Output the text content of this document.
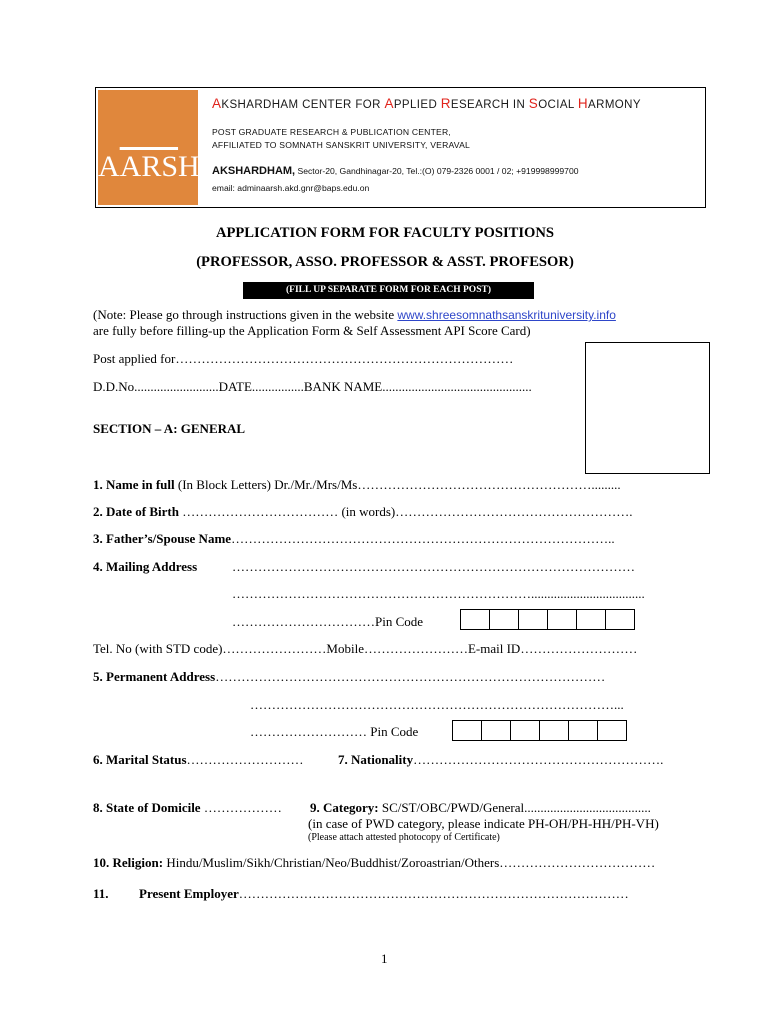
$A\overline{ARS}H$
AKSHARDHAM CENTER FOR APPLIED RESEARCH IN SOCIAL HARMONY
POST GRADUATE RESEARCH & PUBLICATION CENTER,
AFFILIATED TO SOMNATH SANSKRIT UNIVERSITY, VERAVAL
AKSHARDHAM, Sector-20, Gandhinagar-20, Tel.:(O) 079-2326 0001 / 02; +919998999700
email: adminaarsh.akd.gnr@baps.edu.on
APPLICATION FORM FOR FACULTY POSITIONS
(PROFESSOR, ASSO. PROFESSOR & ASST. PROFESOR)
(FILL UP SEPARATE FORM FOR EACH POST)
(Note: Please go through instructions given in the website www.shreesomnathsanskrituniversity.info
are fully before filling-up the Application Form & Self Assessment API Score Card)
Post applied for……………………………………………………………………
D.D.No..........................DATE................BANK NAME..............................................
SECTION – A: GENERAL
1. Name in full (In Block Letters) Dr./Mr./Mrs/Ms……………………………………………….........
2. Date of Birth ……………………………… (in words)……………………………………………….
3. Father’s/Spouse Name……………………………………………………………………………..
4. Mailing Address	…………………………………………………………………………………
……………………………………………………………...................................
……………………………Pin Code
Tel. No (with STD code)……………………Mobile……………………E-mail ID………………………
5. Permanent Address………………………………………………………………………………
…………………………………………………………………………...
……………………… Pin Code
6. Marital Status………………………	7. Nationality………………………………………………….
8. State of Domicile ……………… 9. Category: SC/ST/OBC/PWD/General.......................................
(in case of PWD category, please indicate PH-OH/PH-HH/PH-VH)
(Please attach attested photocopy of Certificate)
10. Religion: Hindu/Muslim/Sikh/Christian/Neo/Buddhist/Zoroastrian/Others………………………………
11. Present Employer………………………………………………………………………………
1
